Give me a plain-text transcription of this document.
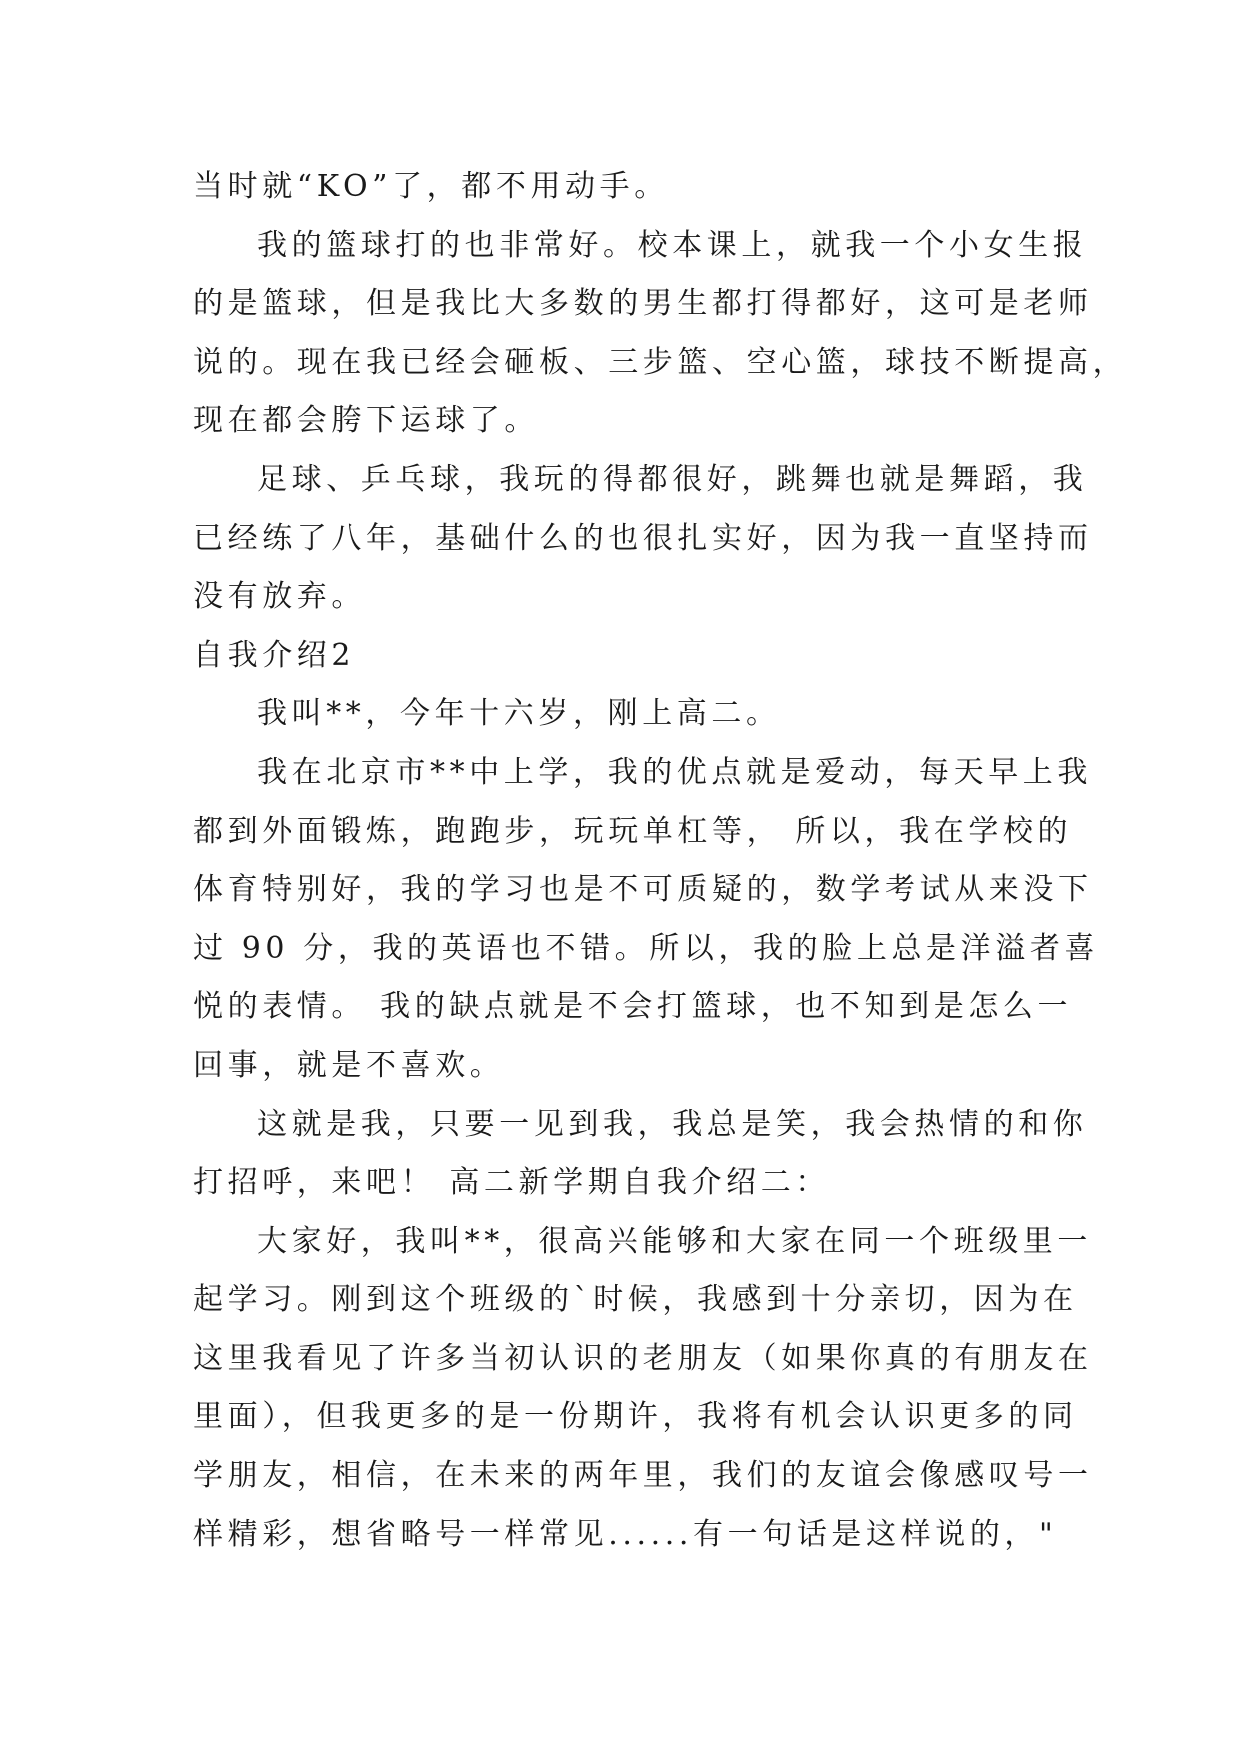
当时就“KO”了，都不用动手。
我的篮球打的也非常好。校本课上，就我一个小女生报
的是篮球，但是我比大多数的男生都打得都好，这可是老师
说的。现在我已经会砸板、三步篮、空心篮，球技不断提高，
现在都会胯下运球了。
足球、乒乓球，我玩的得都很好，跳舞也就是舞蹈，我
已经练了八年，基础什么的也很扎实好，因为我一直坚持而
没有放弃。
自我介绍2
我叫**，今年十六岁，刚上高二。
我在北京市**中上学，我的优点就是爱动，每天早上我
都到外面锻炼，跑跑步，玩玩单杠等， 所以，我在学校的
体育特别好，我的学习也是不可质疑的，数学考试从来没下
过 90 分，我的英语也不错。所以，我的脸上总是洋溢者喜
悦的表情。 我的缺点就是不会打篮球，也不知到是怎么一
回事，就是不喜欢。
这就是我，只要一见到我，我总是笑，我会热情的和你
打招呼，来吧！ 高二新学期自我介绍二：
大家好，我叫**，很高兴能够和大家在同一个班级里一
起学习。刚到这个班级的`时候，我感到十分亲切，因为在
这里我看见了许多当初认识的老朋友（如果你真的有朋友在
里面），但我更多的是一份期许，我将有机会认识更多的同
学朋友，相信，在未来的两年里，我们的友谊会像感叹号一
样精彩，想省略号一样常见......有一句话是这样说的，"
